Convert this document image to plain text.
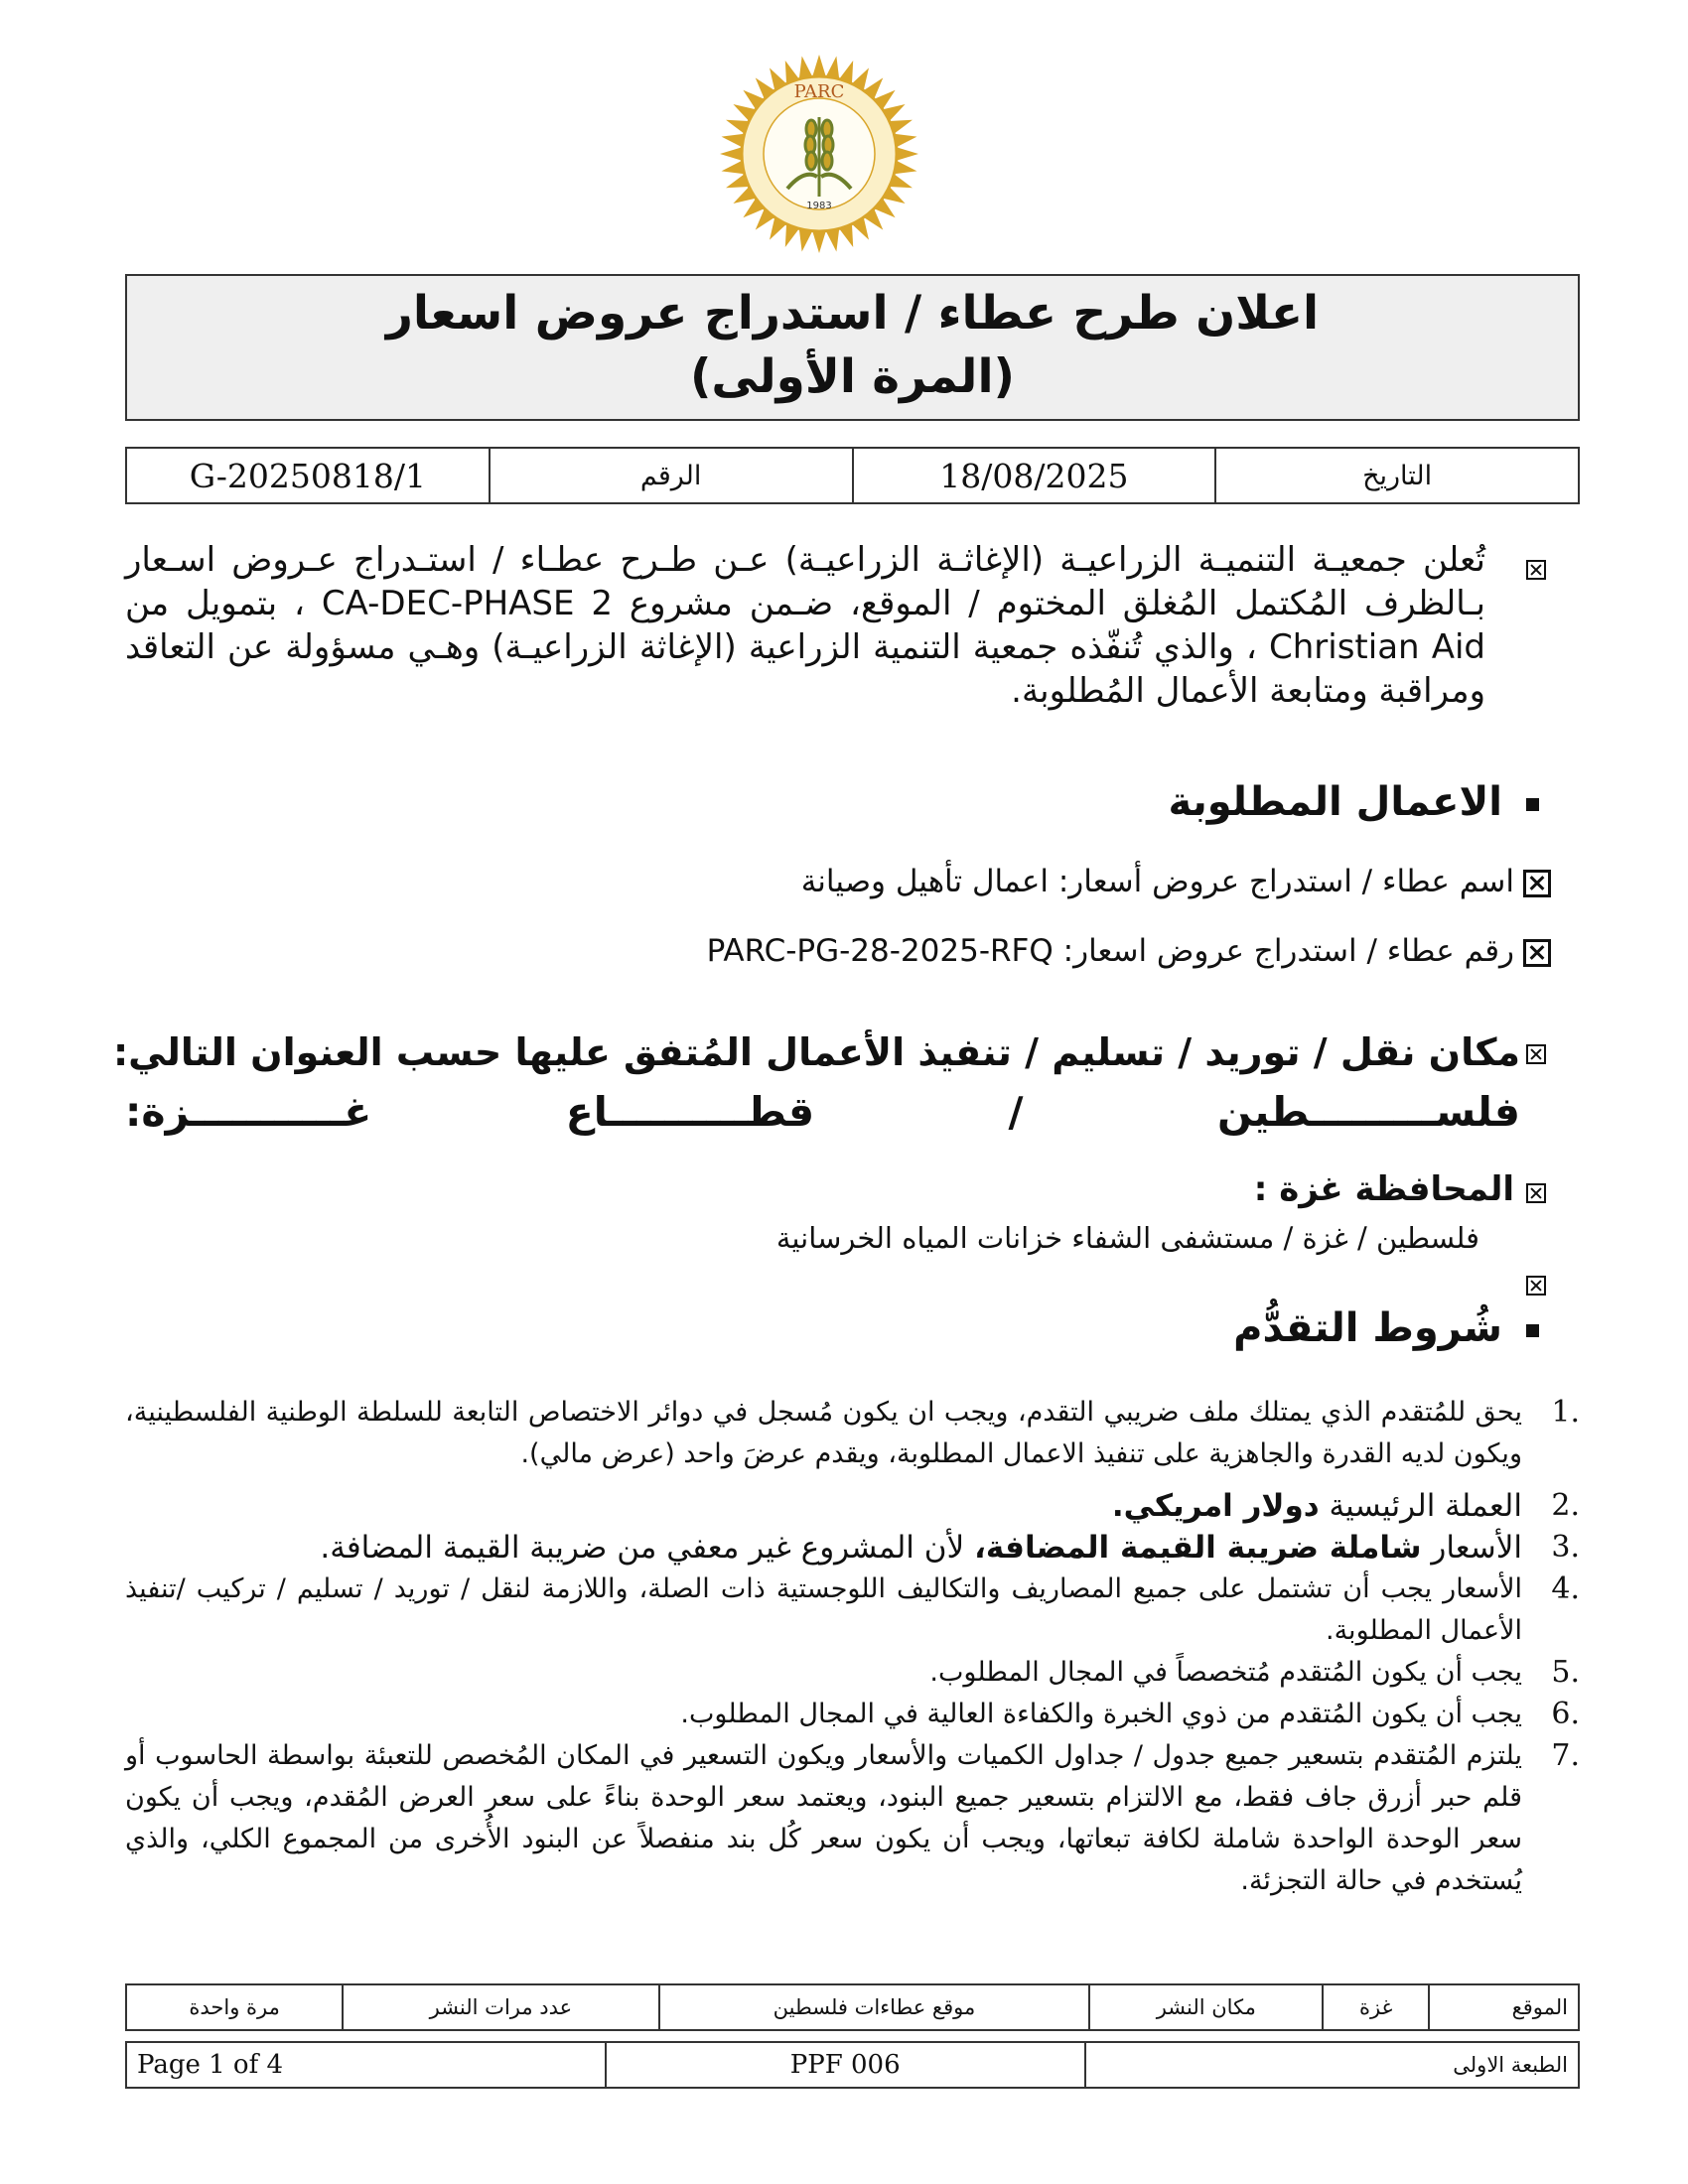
PARC
1983
اعلان طرح عطاء / استدراج عروض اسعار
(المرة الأولى)
G-20250818/1	الرقم	18/08/2025	التاريخ
تُعلن جمعيـة التنميـة الزراعيـة (الإغاثـة الزراعيـة) عـن طـرح عطـاء / استـدراج عـروض اسـعار بـالظرف المُكتمل المُغلق المختوم / الموقع، ضـمن مشروع CA-DEC-PHASE 2 ، بتمويل من Christian Aid ، والذي تُنفّذه جمعية التنمية الزراعية (الإغاثة الزراعيـة) وهـي مسؤولة عن التعاقد ومراقبة ومتابعة الأعمال المُطلوبة.
الاعمال المطلوبة
اسم عطاء / استدراج عروض أسعار: اعمال تأهيل وصيانة
رقم عطاء / استدراج عروض اسعار: PARC-PG-28-2025-RFQ
مكان نقل / توريد / تسليم / تنفيذ الأعمال المُتفق عليها حسب العنوان التالي:
فلســـــــــطين
/
قطــــــــــاع
غـــــــــــزة:
المحافظة غزة :
فلسطين / غزة / مستشفى الشفاء خزانات المياه الخرسانية
شُروط التقدُّم
.1
يحق للمُتقدم الذي يمتلك ملف ضريبي التقدم، ويجب ان يكون مُسجل في دوائر الاختصاص التابعة للسلطة الوطنية الفلسطينية، ويكون لديه القدرة والجاهزية على تنفيذ الاعمال المطلوبة، ويقدم عرضَ واحد (عرض مالي).
.2
العملة الرئيسية دولار امريكي.
.3
الأسعار شاملة ضريبة القيمة المضافة، لأن المشروع غير معفي من ضريبة القيمة المضافة.
.4
الأسعار يجب أن تشتمل على جميع المصاريف والتكاليف اللوجستية ذات الصلة، واللازمة لنقل / توريد / تسليم / تركيب /تنفيذ الأعمال المطلوبة.
.5
يجب أن يكون المُتقدم مُتخصصاً في المجال المطلوب.
.6
يجب أن يكون المُتقدم من ذوي الخبرة والكفاءة العالية في المجال المطلوب.
.7
يلتزم المُتقدم بتسعير جميع جدول / جداول الكميات والأسعار ويكون التسعير في المكان المُخصص للتعبئة بواسطة الحاسوب أو قلم حبر أزرق جاف فقط، مع الالتزام بتسعير جميع البنود، ويعتمد سعر الوحدة بناءً على سعر العرض المُقدم، ويجب أن يكون سعر الوحدة الواحدة شاملة لكافة تبعاتها، ويجب أن يكون سعر كُل بند منفصلاً عن البنود الأُخرى من المجموع الكلي، والذي يُستخدم في حالة التجزئة.
مرة واحدة	عدد مرات النشر	موقع عطاءات فلسطين	مكان النشر	غزة	الموقع
Page 1 of 4	PPF 006	الطبعة الاولى
